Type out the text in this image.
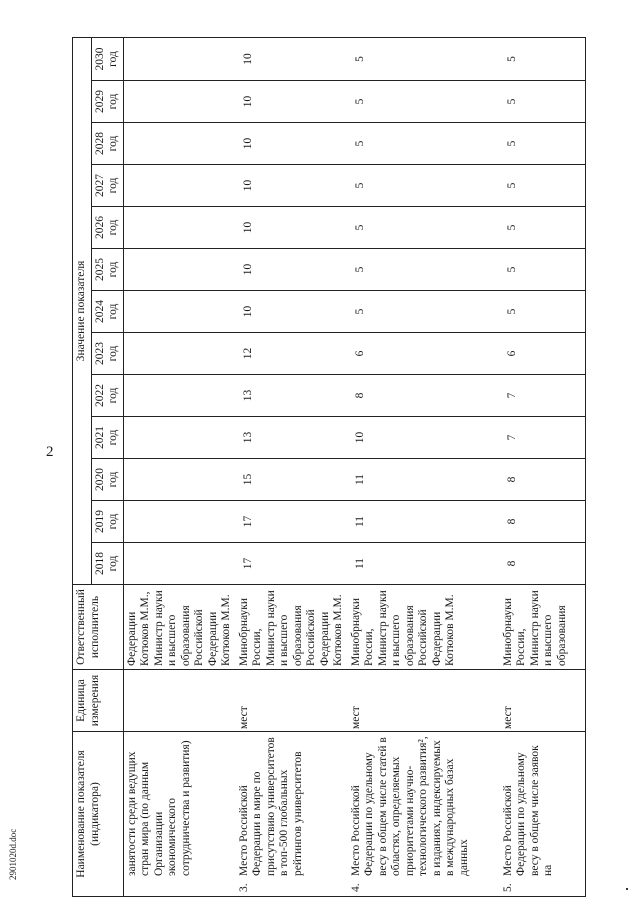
2
2901020d.doc	Наименование показателя (индикатора)	Единица измерения	Ответственный исполнитель	Значение показателя												
			2018 год	2019 год	2020 год	2021 год	2022 год	2023 год	2024 год	2025 год	2026 год	2027 год	2028 год	2029 год	2030 год

занятости среди ведущих стран мира (по данным Организации экономического сотрудничества и развития)		Федерации Котюков М.М., Министр науки и высшего образования Российской Федерации Котюков М.М.													

3.
Место Российской Федерации в мире по присутствию университетов в топ-500 глобальных рейтингов университетов	мест	Минобрнауки России, Министр науки и высшего образования Российской Федерации Котюков М.М.	17	17	15	13	13	12	10	10	10	10	10	10	10

4.
Место Российской Федерации по удельному весу в общем числе статей в областях, определяемых приоритетами научно-технологического развития², в изданиях, индексируемых в международных базах данных	мест	Минобрнауки России, Министр науки и высшего образования Российской Федерации Котюков М.М.	11	11	11	10	8	6	5	5	5	5	5	5	5

5.
Место Российской Федерации по удельному весу в общем числе заявок на	мест	Минобрнауки России, Министр науки и высшего образования	8	8	8	7	7	6	5	5	5	5	5	5	5
